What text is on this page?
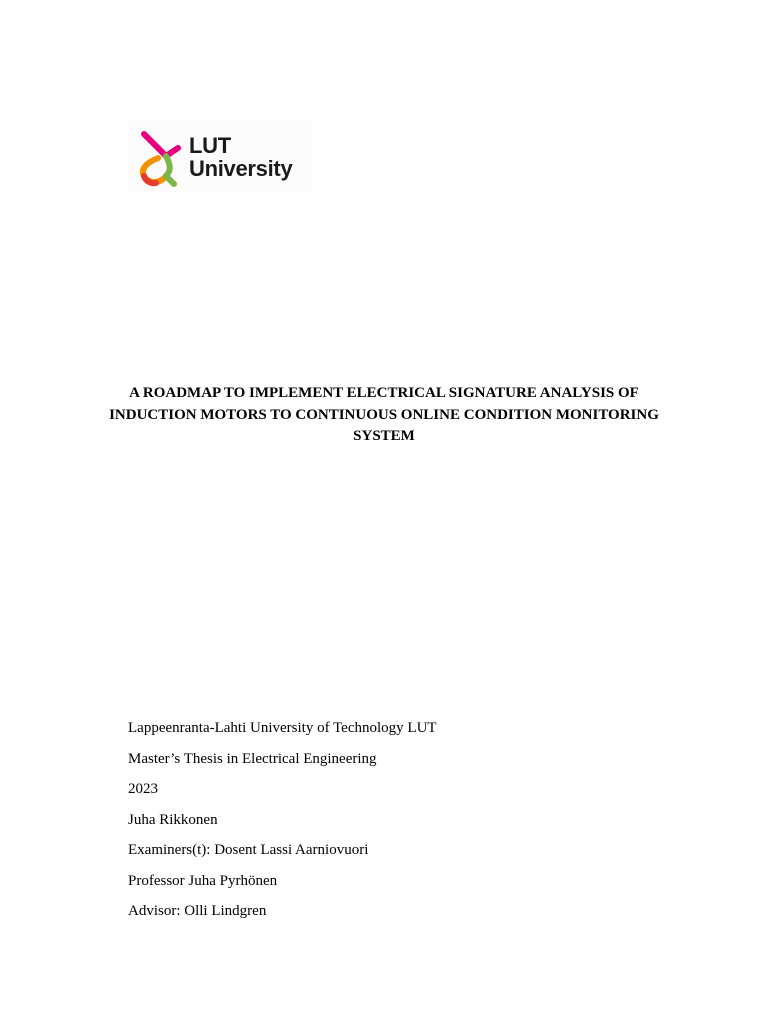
LUT
University
A ROADMAP TO IMPLEMENT ELECTRICAL SIGNATURE ANALYSIS OF
INDUCTION MOTORS TO CONTINUOUS ONLINE CONDITION MONITORING
SYSTEM
Lappeenranta-Lahti University of Technology LUT
Master’s Thesis in Electrical Engineering
2023
Juha Rikkonen
Examiners(t): Dosent Lassi Aarniovuori
Professor Juha Pyrhönen
Advisor: Olli Lindgren
